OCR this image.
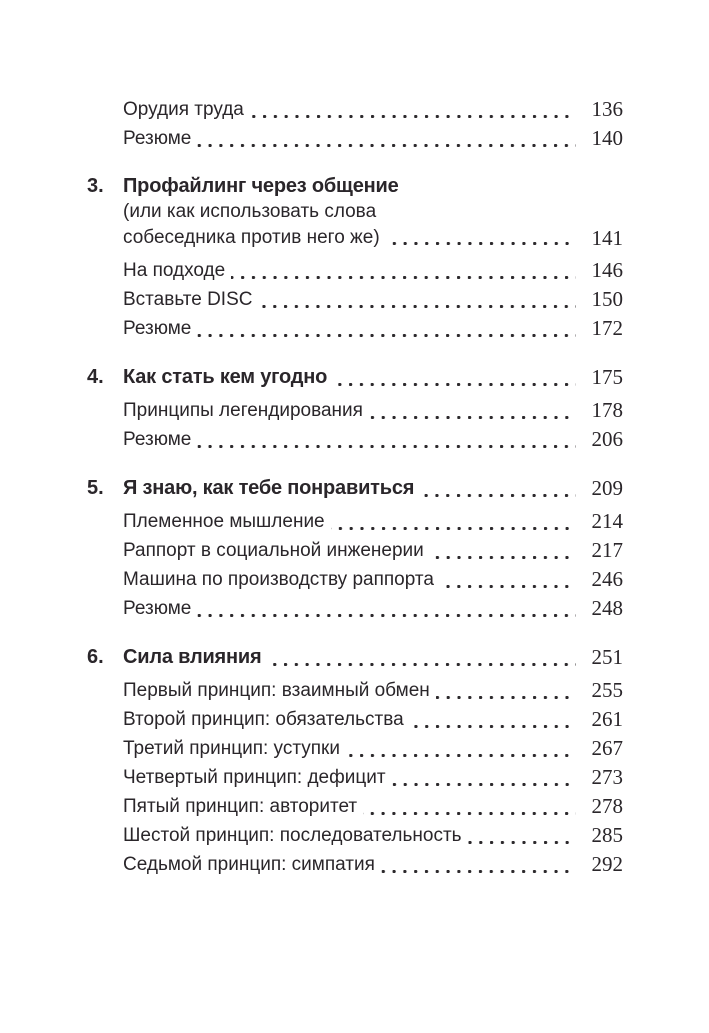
Орудия труда	136
Резюме	140
3. Профайлинг через общение
(или как использовать слова
собеседника против него же)	141
На подходе	146
Вставьте DISC	150
Резюме	172
4. Как стать кем угодно	175
Принципы легендирования	178
Резюме	206
5. Я знаю, как тебе понравиться	209
Племенное мышление	214
Раппорт в социальной инженерии	217
Машина по производству раппорта	246
Резюме	248
6. Сила влияния	251
Первый принцип: взаимный обмен	255
Второй принцип: обязательства	261
Третий принцип: уступки	267
Четвертый принцип: дефицит	273
Пятый принцип: авторитет	278
Шестой принцип: последовательность	285
Седьмой принцип: симпатия	292
